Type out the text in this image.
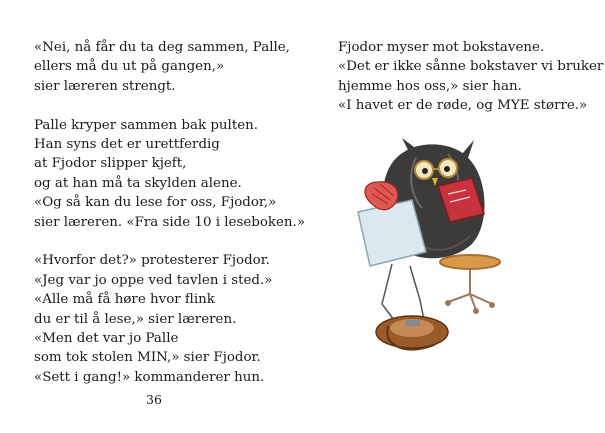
«Nei, nå får du ta deg sammen, Palle,
ellers må du ut på gangen,»
sier læreren strengt.

Palle kryper sammen bak pulten.
Han syns det er urettferdig
at Fjodor slipper kjeft,
og at han må ta skylden alene.
«Og så kan du lese for oss, Fjodor,»
sier læreren. «Fra side 10 i leseboken.»

«Hvorfor det?» protesterer Fjodor.
«Jeg var jo oppe ved tavlen i sted.»
«Alle må få høre hvor flink
du er til å lese,» sier læreren.
«Men det var jo Palle
som tok stolen MIN,» sier Fjodor.
«Sett i gang!» kommanderer hun.

Fjodor myser mot bokstavene.
«Det er ikke sånne bokstaver vi bruker
hjemme hos oss,» sier han.
«I havet er de røde, og MYE større.»

36
